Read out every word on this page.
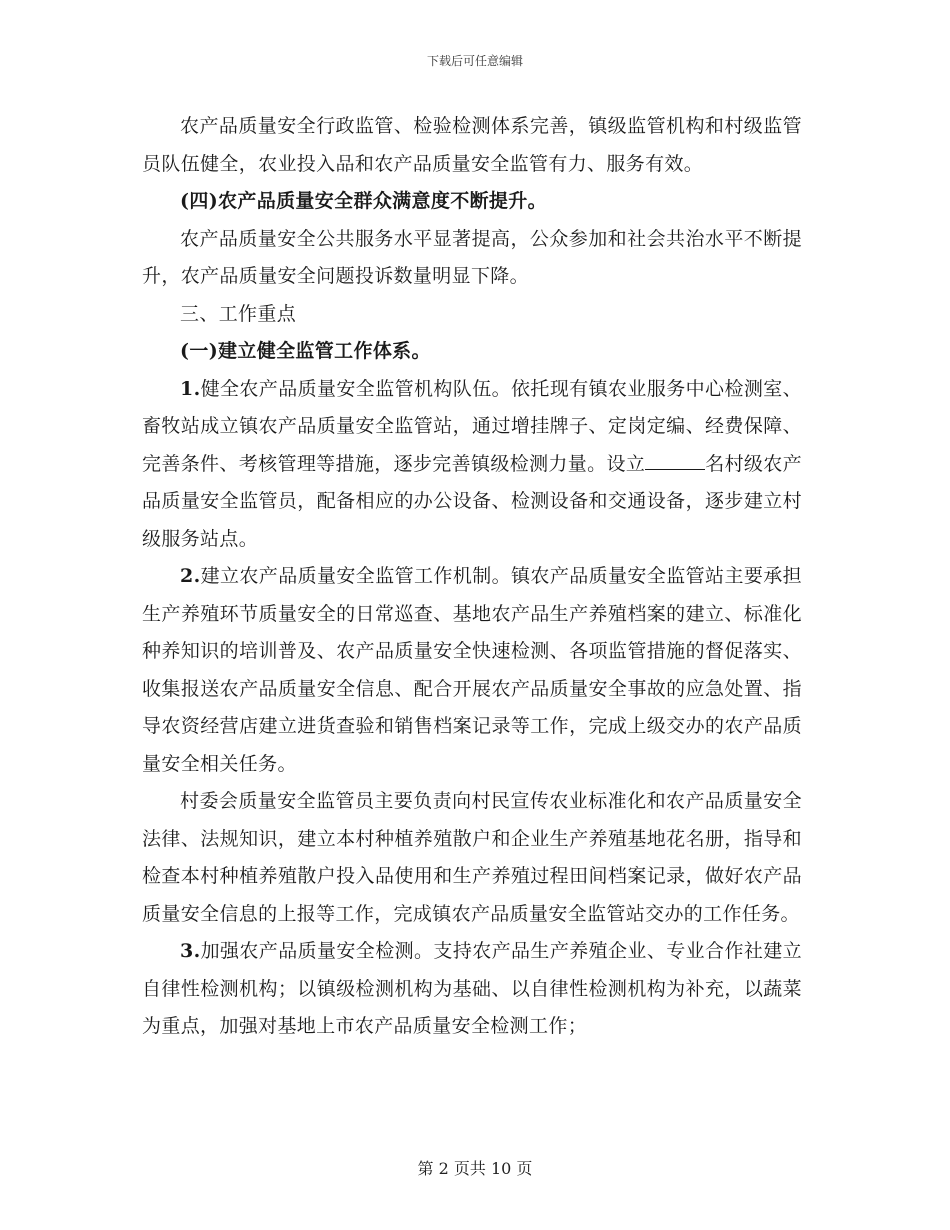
下载后可任意编辑

农产品质量安全行政监管、检验检测体系完善，镇级监管机构和村级监管员队伍健全，农业投入品和农产品质量安全监管有力、服务有效。

(四)农产品质量安全群众满意度不断提升。

农产品质量安全公共服务水平显著提高，公众参加和社会共治水平不断提升，农产品质量安全问题投诉数量明显下降。

三、工作重点

(一)建立健全监管工作体系。

1.健全农产品质量安全监管机构队伍。依托现有镇农业服务中心检测室、畜牧站成立镇农产品质量安全监管站，通过增挂牌子、定岗定编、经费保障、完善条件、考核管理等措施，逐步完善镇级检测力量。设立	名村级农产品质量安全监管员，配备相应的办公设备、检测设备和交通设备，逐步建立村级服务站点。

2.建立农产品质量安全监管工作机制。镇农产品质量安全监管站主要承担生产养殖环节质量安全的日常巡查、基地农产品生产养殖档案的建立、标准化种养知识的培训普及、农产品质量安全快速检测、各项监管措施的督促落实、收集报送农产品质量安全信息、配合开展农产品质量安全事故的应急处置、指导农资经营店建立进货查验和销售档案记录等工作，完成上级交办的农产品质量安全相关任务。

村委会质量安全监管员主要负责向村民宣传农业标准化和农产品质量安全法律、法规知识，建立本村种植养殖散户和企业生产养殖基地花名册，指导和检查本村种植养殖散户投入品使用和生产养殖过程田间档案记录，做好农产品质量安全信息的上报等工作，完成镇农产品质量安全监管站交办的工作任务。

3.加强农产品质量安全检测。支持农产品生产养殖企业、专业合作社建立自律性检测机构；以镇级检测机构为基础、以自律性检测机构为补充，以蔬菜为重点，加强对基地上市农产品质量安全检测工作；

第 2 页共 10 页
